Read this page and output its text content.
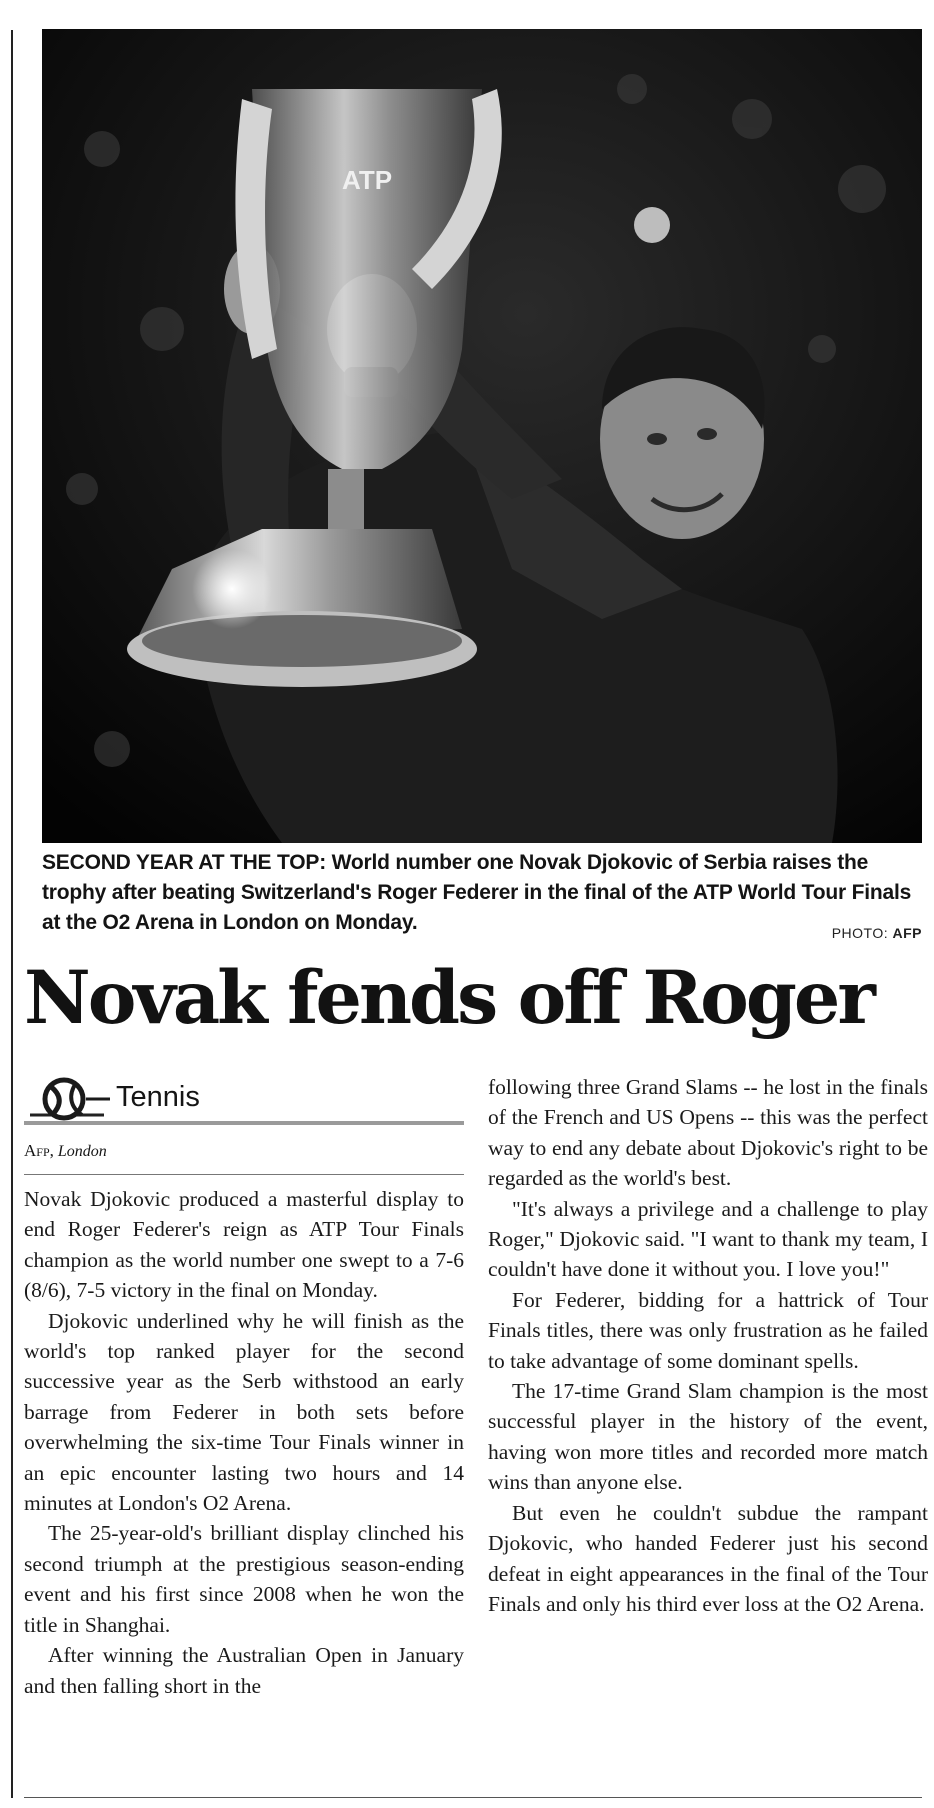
ATP
SECOND YEAR AT THE TOP: World number one Novak Djokovic of Serbia raises the trophy after beating Switzerland's Roger Federer in the final of the ATP World Tour Finals at the O2 Arena in London on Monday.	PHOTO: AFP
Novak fends off Roger
Tennis
Afp, London

Novak Djokovic produced a masterful display to end Roger Federer's reign as ATP Tour Finals champion as the world number one swept to a 7-6 (8/6), 7-5 victory in the final on Monday.

Djokovic underlined why he will finish as the world's top ranked player for the second successive year as the Serb withstood an early barrage from Federer in both sets before overwhelming the six-time Tour Finals winner in an epic encounter lasting two hours and 14 minutes at London's O2 Arena.

The 25-year-old's brilliant display clinched his second triumph at the prestigious season-ending event and his first since 2008 when he won the title in Shanghai.

After winning the Australian Open in January and then falling short in the

following three Grand Slams -- he lost in the finals of the French and US Opens -- this was the perfect way to end any debate about Djokovic's right to be regarded as the world's best.

"It's always a privilege and a challenge to play Roger," Djokovic said. "I want to thank my team, I couldn't have done it without you. I love you!"

For Federer, bidding for a hattrick of Tour Finals titles, there was only frustration as he failed to take advantage of some dominant spells.

The 17-time Grand Slam champion is the most successful player in the history of the event, having won more titles and recorded more match wins than anyone else.

But even he couldn't subdue the rampant Djokovic, who handed Federer just his second defeat in eight appearances in the final of the Tour Finals and only his third ever loss at the O2 Arena.
